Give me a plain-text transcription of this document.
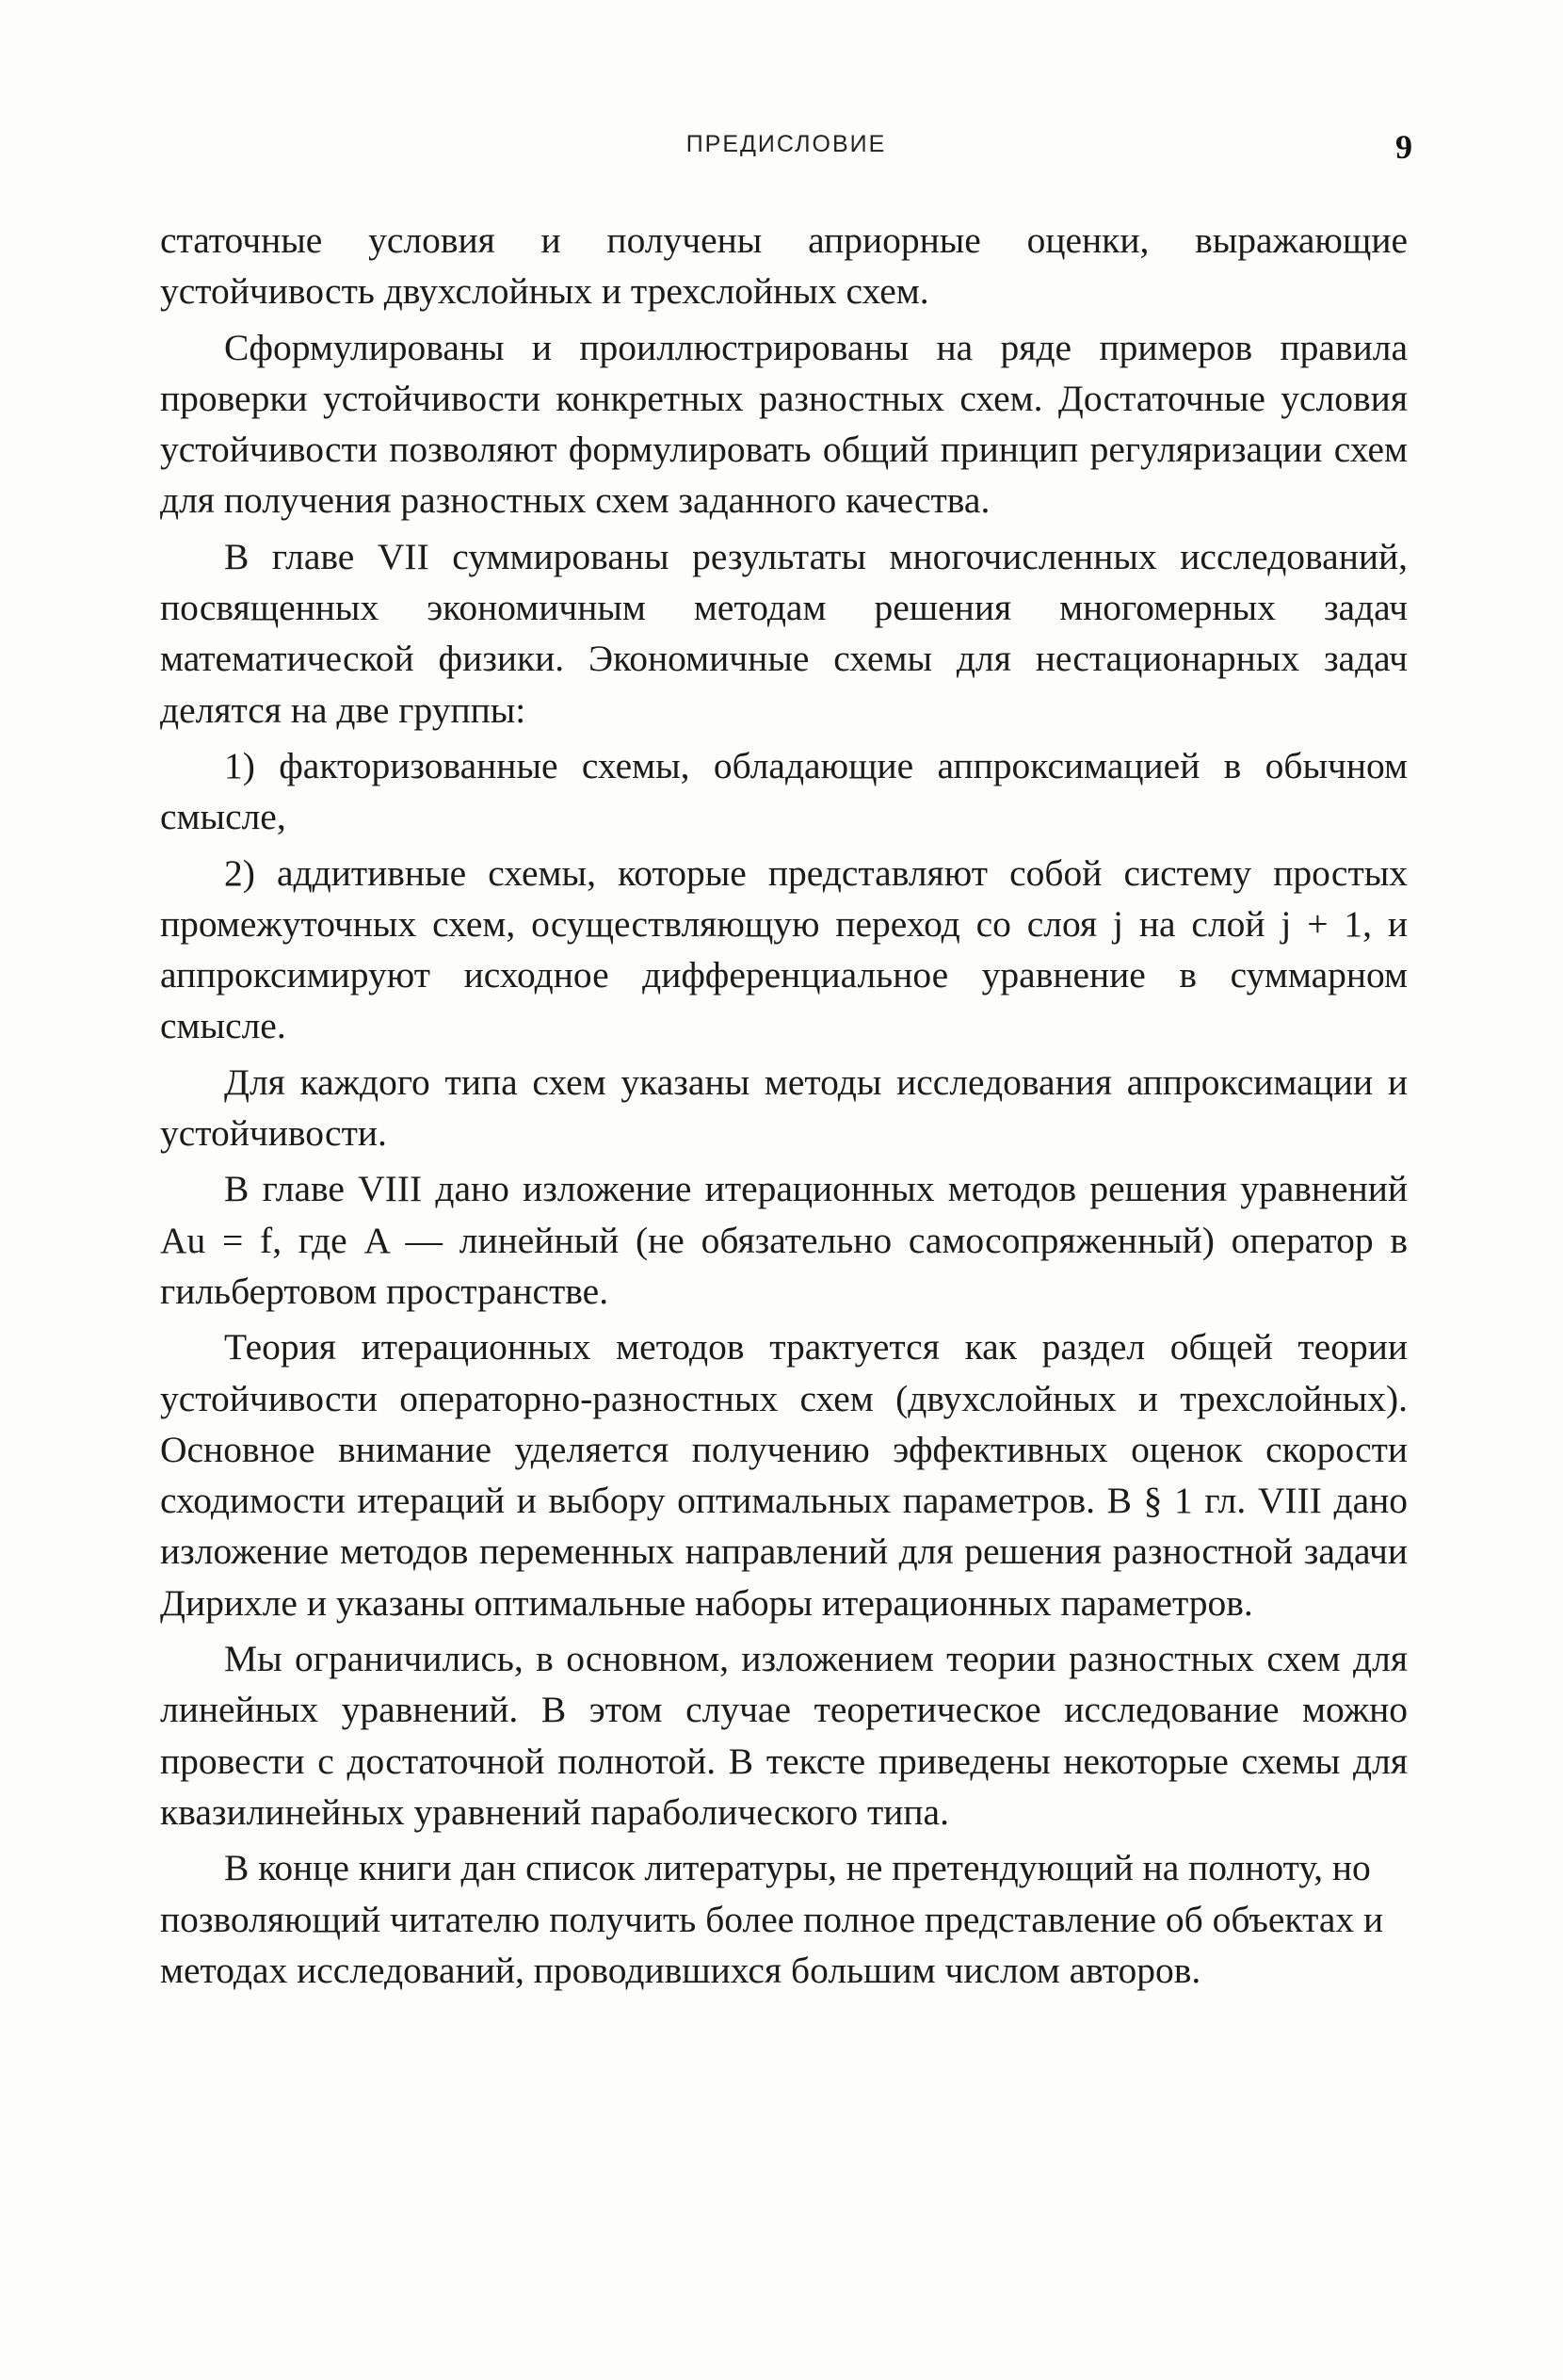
ПРЕДИСЛОВИЕ	9

статочные условия и получены априорные оценки, выражающие устойчивость двухслойных и трехслойных схем.

Сформулированы и проиллюстрированы на ряде примеров правила проверки устойчивости конкретных разностных схем. Достаточные условия устойчивости позволяют формулировать общий принцип регуляризации схем для получения разностных схем заданного качества.

В главе VII суммированы результаты многочисленных исследований, посвященных экономичным методам решения многомерных задач математической физики. Экономичные схемы для нестационарных задач делятся на две группы:

1) факторизованные схемы, обладающие аппроксимацией в обычном смысле,

2) аддитивные схемы, которые представляют собой систему простых промежуточных схем, осуществляющую переход со слоя j на слой j + 1, и аппроксимируют исходное дифференциальное уравнение в суммарном смысле.

Для каждого типа схем указаны методы исследования аппроксимации и устойчивости.

В главе VIII дано изложение итерационных методов решения уравнений Au = f, где A — линейный (не обязательно самосопряженный) оператор в гильбертовом пространстве.

Теория итерационных методов трактуется как раздел общей теории устойчивости операторно-разностных схем (двухслойных и трехслойных). Основное внимание уделяется получению эффективных оценок скорости сходимости итераций и выбору оптимальных параметров. В § 1 гл. VIII дано изложение методов переменных направлений для решения разностной задачи Дирихле и указаны оптимальные наборы итерационных параметров.

Мы ограничились, в основном, изложением теории разностных схем для линейных уравнений. В этом случае теоретическое исследование можно провести с достаточной полнотой. В тексте приведены некоторые схемы для квазилинейных уравнений параболического типа.

В конце книги дан список литературы, не претендующий на полноту, но позволяющий читателю получить более полное представление об объектах и методах исследований, проводившихся большим числом авторов.
